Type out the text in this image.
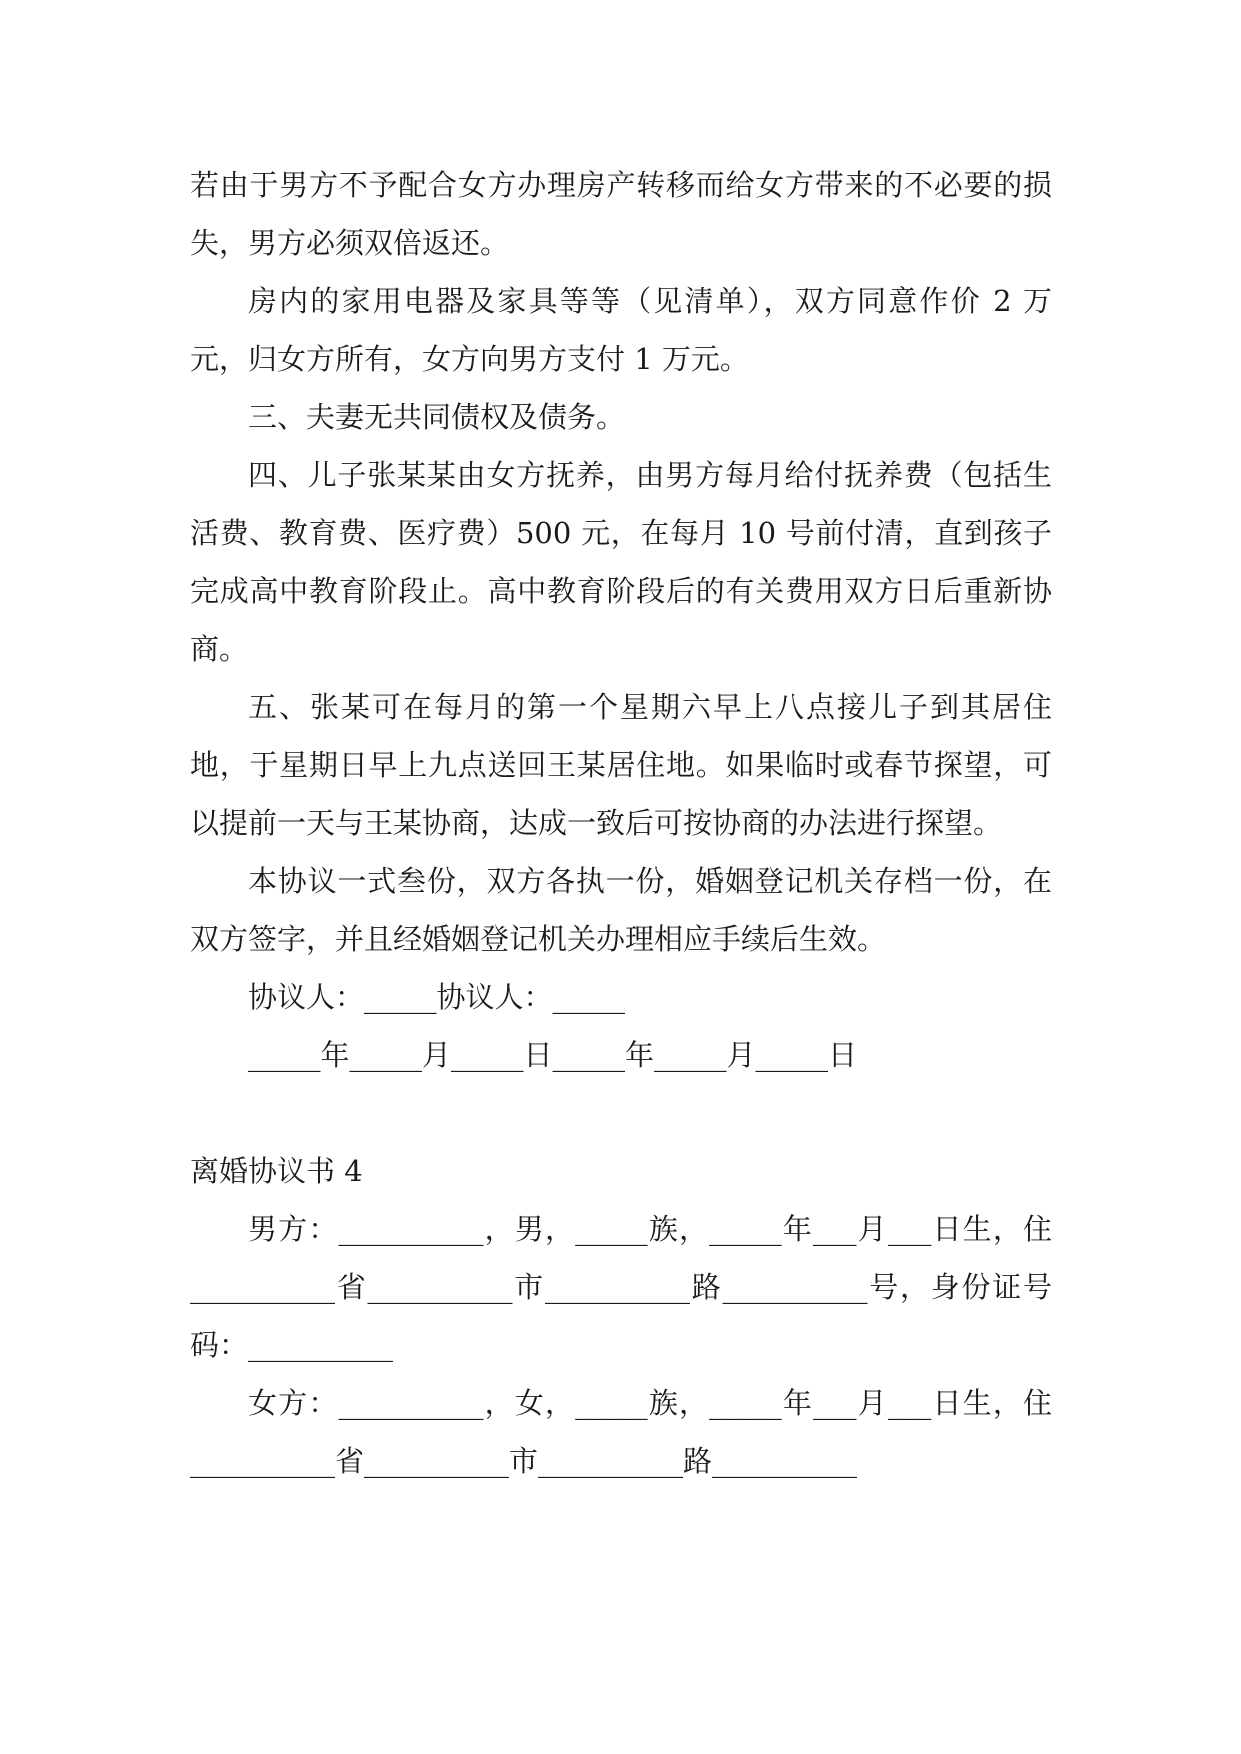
若由于男方不予配合女方办理房产转移而给女方带来的不必要的损失，男方必须双倍返还。

房内的家用电器及家具等等（见清单），双方同意作价 2 万元，归女方所有，女方向男方支付 1 万元。

三、夫妻无共同债权及债务。

四、儿子张某某由女方抚养，由男方每月给付抚养费（包括生活费、教育费、医疗费）500 元，在每月 10 号前付清，直到孩子完成高中教育阶段止。高中教育阶段后的有关费用双方日后重新协商。

五、张某可在每月的第一个星期六早上八点接儿子到其居住地，于星期日早上九点送回王某居住地。如果临时或春节探望，可以提前一天与王某协商，达成一致后可按协商的办法进行探望。

本协议一式叁份，双方各执一份，婚姻登记机关存档一份，在双方签字，并且经婚姻登记机关办理相应手续后生效。

协议人：_____协议人：_____

_____年_____月_____日_____年_____月_____日

离婚协议书 4

男方：__________，男，_____族，_____年___月___日生，住__________省__________市__________路__________号，身份证号码：__________

女方：__________，女，_____族，_____年___月___日生，住__________省__________市__________路__________
